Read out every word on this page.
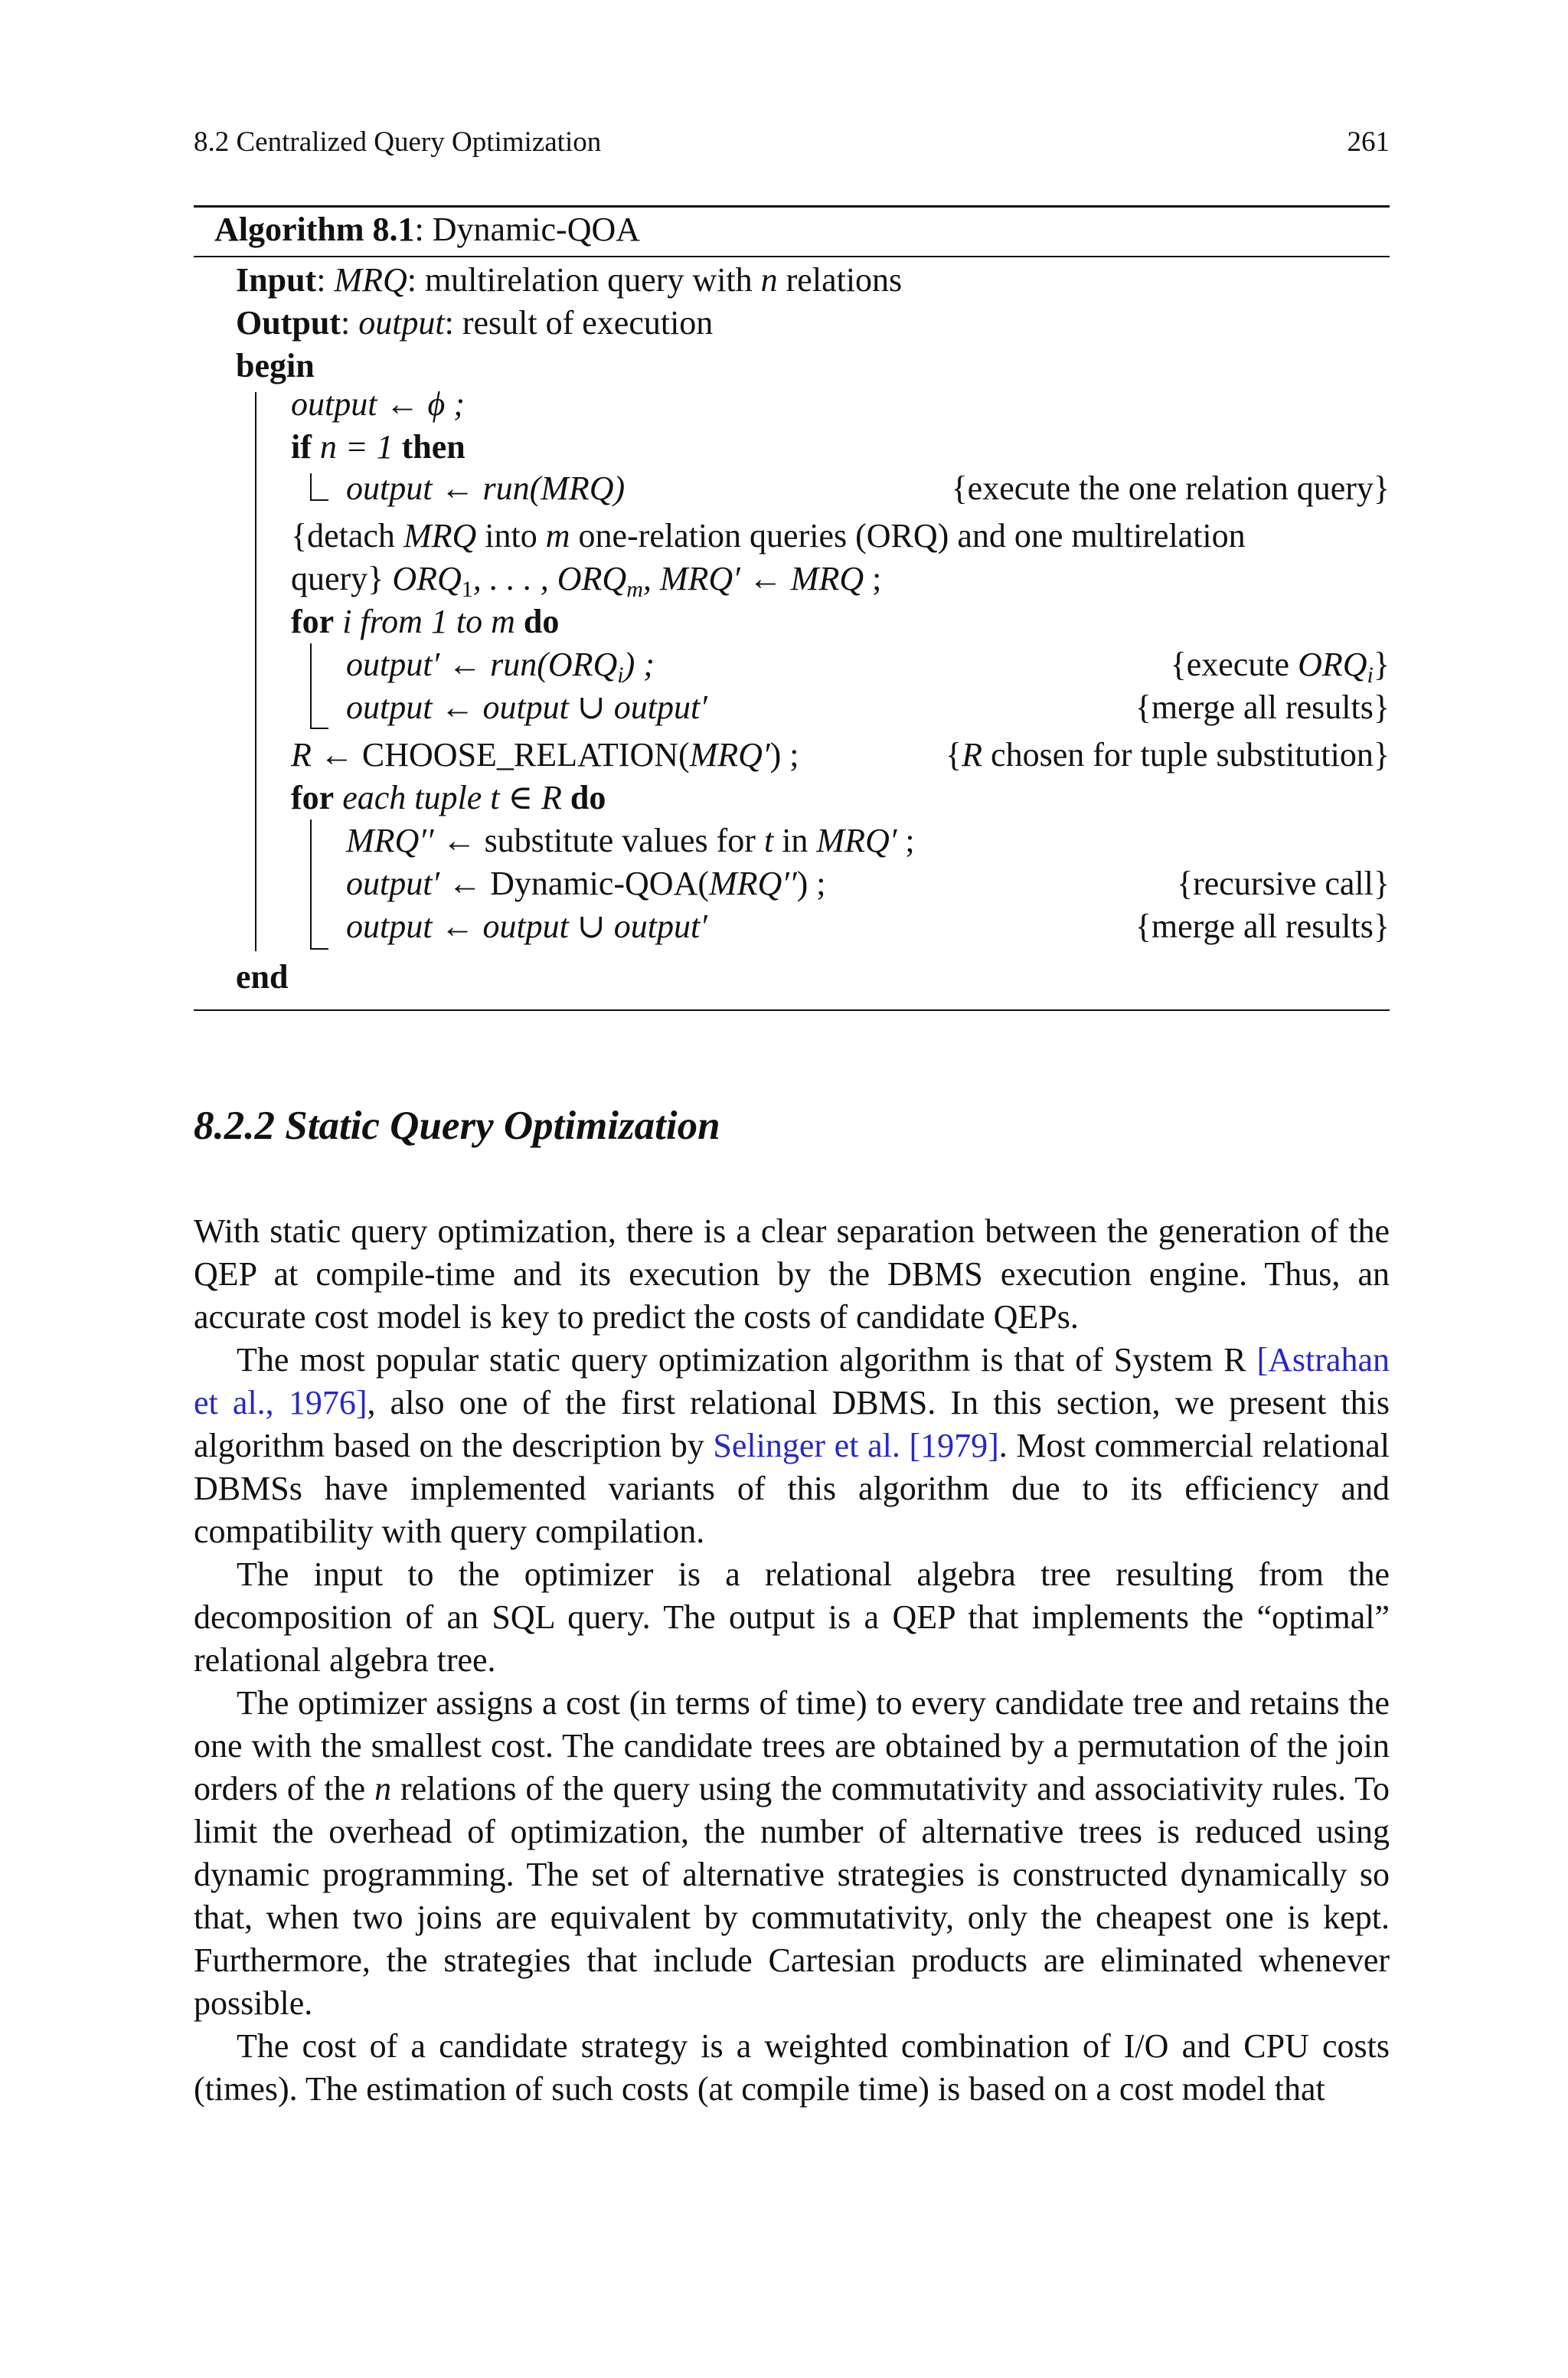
8.2 Centralized Query Optimization	261
Algorithm 8.1: Dynamic-QOA
Input: MRQ: multirelation query with n relations
Output: output: result of execution
begin
output ← ϕ ;
if n = 1 then
output ← run(MRQ)	{execute the one relation query}
{detach MRQ into m one-relation queries (ORQ) and one multirelation
query} $ORQ_1$, . . . , $ORQ_m$, MRQ′ ← MRQ ;
for i from 1 to m do
output′ ← $run(ORQ_i)$ ;	{execute $ORQ_i$}
output ← output ∪ output′	{merge all results}
R ← CHOOSE_RELATION(MRQ′) ;	{R chosen for tuple substitution}
for each tuple t ∈ R do
MRQ′′ ← substitute values for t in MRQ′ ;
output′ ← Dynamic-QOA(MRQ′′) ;	{recursive call}
output ← output ∪ output′	{merge all results}
end
8.2.2 Static Query Optimization

With static query optimization, there is a clear separation between the generation of the QEP at compile-time and its execution by the DBMS execution engine. Thus, an accurate cost model is key to predict the costs of candidate QEPs.

The most popular static query optimization algorithm is that of System R [Astrahan et al., 1976], also one of the first relational DBMS. In this section, we present this algorithm based on the description by Selinger et al. [1979]. Most commercial relational DBMSs have implemented variants of this algorithm due to its efficiency and compatibility with query compilation.

The input to the optimizer is a relational algebra tree resulting from the decomposition of an SQL query. The output is a QEP that implements the “optimal” relational algebra tree.

The optimizer assigns a cost (in terms of time) to every candidate tree and retains the one with the smallest cost. The candidate trees are obtained by a permutation of the join orders of the n relations of the query using the commutativity and associativity rules. To limit the overhead of optimization, the number of alternative trees is reduced using dynamic programming. The set of alternative strategies is constructed dynamically so that, when two joins are equivalent by commutativity, only the cheapest one is kept. Furthermore, the strategies that include Cartesian products are eliminated whenever possible.

The cost of a candidate strategy is a weighted combination of I/O and CPU costs (times). The estimation of such costs (at compile time) is based on a cost model that
